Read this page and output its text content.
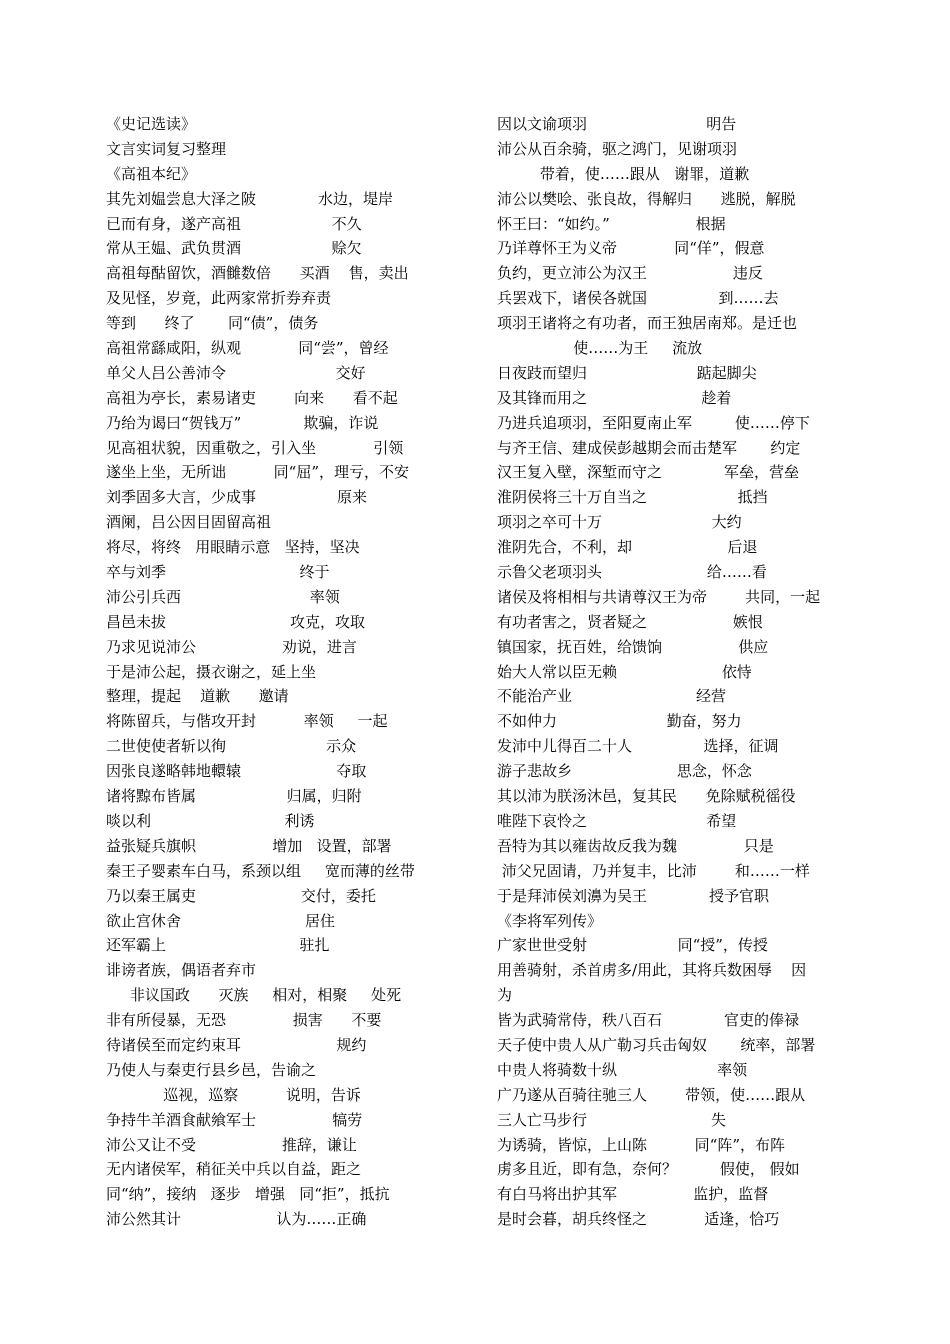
《史记选读》
文言实词复习整理
《高祖本纪》
其先刘媪尝息大泽之陂             水边，堤岸
已而有身，遂产高祖                   不久
常从王媪、武负贯酒                   赊欠
高祖每酤留饮，酒雠数倍      买酒    售，卖出
及见怪，岁竟，此两家常折券弃责
等到      终了       同“债”，债务
高祖常繇咸阳，纵观            同“尝”，曾经
单父人吕公善沛令                       交好
高祖为亭长，素易诸吏        向来      看不起
乃绐为谒曰“贺钱万”             欺骗，诈说
见高祖状貌，因重敬之，引入坐            引领
遂坐上坐，无所诎          同“屈”，理亏，不安
刘季固多大言，少成事                 原来
酒阑，吕公因目固留高祖
将尽，将终   用眼睛示意   坚持，坚决
卒与刘季                            终于
沛公引兵西                           率领
昌邑未拔                          攻克，攻取
乃求见说沛公                  劝说，进言
于是沛公起，摄衣谢之，延上坐
整理，提起    道歉      邀请
将陈留兵，与偕攻开封          率领     一起
二世使使者斩以徇                     示众
因张良遂略韩地轘辕                    夺取
诸将黥布皆属                   归属，归附
啖以利                            利诱
益张疑兵旗帜                增加   设置，部署
秦王子婴素车白马，系颈以组     宽而薄的丝带
乃以秦王属吏                      交付，委托
欲止宫休舍                          居住
还军霸上                            驻扎
诽谤者族，偶语者弃市
非议国政      灭族     相对，相聚     处死
非有所侵暴，无恐              损害      不要
待诸侯至而定约束耳                    规约
乃使人与秦吏行县乡邑，告谕之
巡视，巡察          说明，告诉
争持牛羊酒食献飨军士                犒劳
沛公又让不受                  推辞，谦让
无内诸侯军，稍征关中兵以自益，距之
同“纳”，接纳   逐步   增强   同“拒”，抵抗
沛公然其计                    认为……正确
因以文谕项羽                         明告
沛公从百余骑，驱之鸿门，见谢项羽
带着，使……跟从   谢罪，道歉
沛公以樊哙、张良故，得解归      逃脱，解脱
怀王曰：“如约。”                  根据
乃详尊怀王为义帝            同“佯”，假意
负约，更立沛公为汉王                  违反
兵罢戏下，诸侯各就国               到……去
项羽王诸将之有功者，而王独居南郑。是迁也
使……为王     流放
日夜跂而望归                       踮起脚尖
及其锋而用之                        趁着
乃进兵追项羽，至阳夏南止军         使……停下
与齐王信、建成侯彭越期会而击楚军       约定
汉王复入壁，深堑而守之             军垒，营垒
淮阴侯将三十万自当之                   抵挡
项羽之卒可十万                       大约
淮阴先合，不利，却                    后退
示鲁父老项羽头                      给……看
诸侯及将相相与共请尊汉王为帝        共同，一起
有功者害之，贤者疑之                  嫉恨
镇国家，抚百姓，给馈饷                供应
始大人常以臣无赖                      依恃
不能治产业                          经营
不如仲力                       勤奋，努力
发沛中儿得百二十人               选择，征调
游子悲故乡                      思念，怀念
其以沛为朕汤沐邑，复其民      免除赋税徭役
唯陛下哀怜之                         希望
吾特为其以雍齿故反我为魏              只是
沛父兄固请，乃并复丰，比沛        和……一样
于是拜沛侯刘濞为吴王             授予官职
《李将军列传》
广家世世受射                   同“授”，传授
用善骑射，杀首虏多/用此，其将兵数困辱    因
为
皆为武骑常侍，秩八百石             官吏的俸禄
天子使中贵人从广勒习兵击匈奴       统率，部署
中贵人将骑数十纵                     率领
广乃遂从百骑往驰三人        带领，使……跟从
三人亡马步行                          失
为诱骑，皆惊，上山陈          同“阵”，布阵
虏多且近，即有急，奈何？         假使， 假如
有白马将出护其军                监护，监督
是时会暮，胡兵终怪之            适逢，恰巧
